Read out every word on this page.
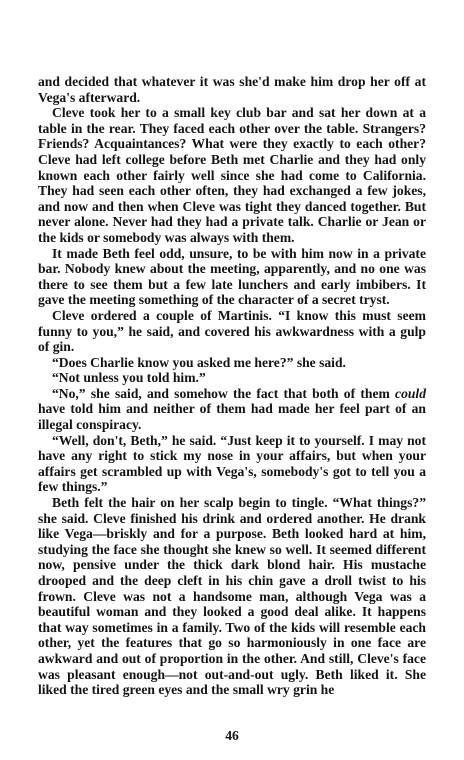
and decided that whatever it was she'd make him drop her off at Vega's afterward.

Cleve took her to a small key club bar and sat her down at a table in the rear. They faced each other over the table. Strangers? Friends? Acquaintances? What were they exactly to each other? Cleve had left college before Beth met Charlie and they had only known each other fairly well since she had come to California. They had seen each other often, they had exchanged a few jokes, and now and then when Cleve was tight they danced together. But never alone. Never had they had a private talk. Charlie or Jean or the kids or somebody was always with them.

It made Beth feel odd, unsure, to be with him now in a private bar. Nobody knew about the meeting, apparently, and no one was there to see them but a few late lunchers and early imbibers. It gave the meeting something of the character of a secret tryst.

Cleve ordered a couple of Martinis. “I know this must seem funny to you,” he said, and covered his awkwardness with a gulp of gin.

“Does Charlie know you asked me here?” she said.

“Not unless you told him.”

“No,” she said, and somehow the fact that both of them could have told him and neither of them had made her feel part of an illegal conspiracy.

“Well, don't, Beth,” he said. “Just keep it to yourself. I may not have any right to stick my nose in your affairs, but when your affairs get scrambled up with Vega's, somebody's got to tell you a few things.”

Beth felt the hair on her scalp begin to tingle. “What things?” she said. Cleve finished his drink and ordered another. He drank like Vega—briskly and for a purpose. Beth looked hard at him, studying the face she thought she knew so well. It seemed different now, pensive under the thick dark blond hair. His mustache drooped and the deep cleft in his chin gave a droll twist to his frown. Cleve was not a handsome man, although Vega was a beautiful woman and they looked a good deal alike. It happens that way sometimes in a family. Two of the kids will resemble each other, yet the features that go so harmoniously in one face are awkward and out of proportion in the other. And still, Cleve's face was pleasant enough—not out-and-out ugly. Beth liked it. She liked the tired green eyes and the small wry grin he

46
